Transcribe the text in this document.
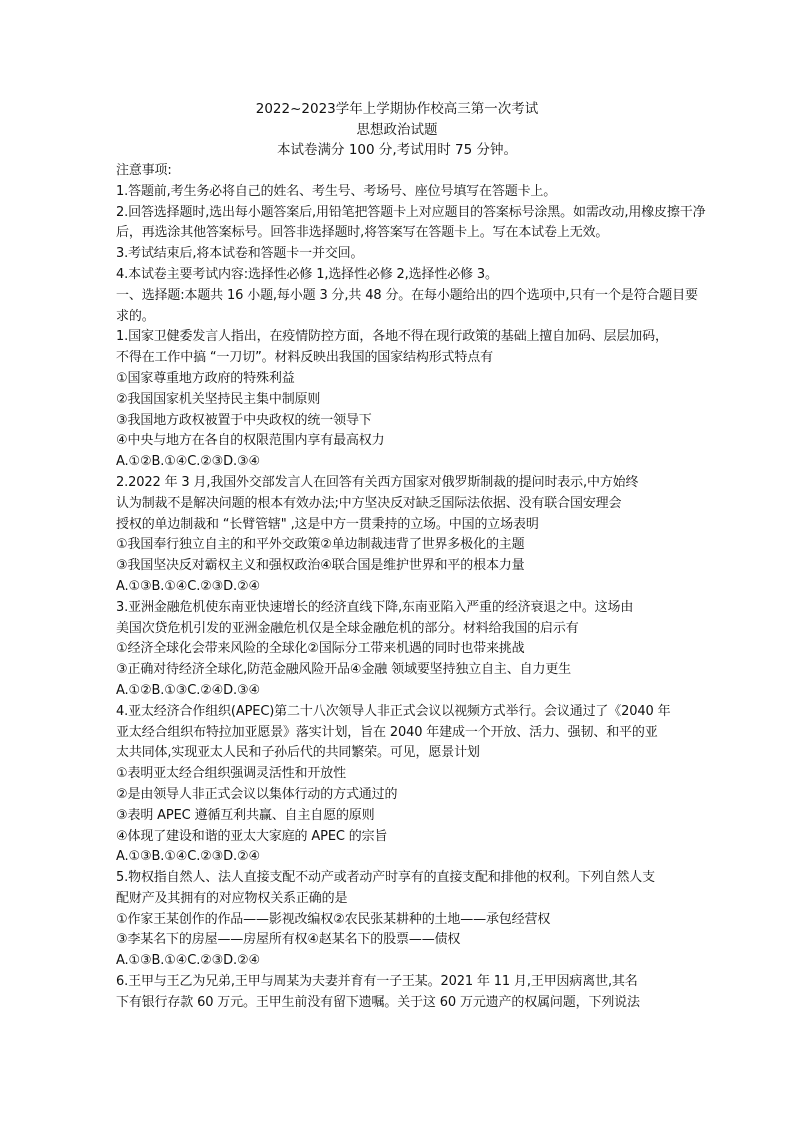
2022~2023学年上学期协作校高三第一次考试
思想政治试题
本试卷满分 100 分,考试用时 75 分钟。

注意事项:

1.答题前,考生务必将自己的姓名、考生号、考场号、座位号填写在答题卡上。

2.回答选择题时,选出每小题答案后,用铅笔把答题卡上对应题目的答案标号涂黑。如需改动,用橡皮擦干净后，再选涂其他答案标号。回答非选择题时,将答案写在答题卡上。写在本试卷上无效。

3.考试结束后,将本试卷和答题卡一并交回。

4.本试卷主要考试内容:选择性必修 1,选择性必修 2,选择性必修 3。

一、选择题:本题共 16 小题,每小题 3 分,共 48 分。在每小题给出的四个选项中,只有一个是符合题目要求的。

1.国家卫健委发言人指出，在疫情防控方面，各地不得在现行政策的基础上擅自加码、层层加码，

不得在工作中搞 “一刀切”。材料反映出我国的国家结构形式特点有

①国家尊重地方政府的特殊利益

②我国国家机关坚持民主集中制原则

③我国地方政权被置于中央政权的统一领导下

④中央与地方在各自的权限范围内享有最高权力

A.①②B.①④C.②③D.③④

2.2022 年 3 月,我国外交部发言人在回答有关西方国家对俄罗斯制裁的提问时表示,中方始终

认为制裁不是解决问题的根本有效办法;中方坚决反对缺乏国际法依据、没有联合国安理会

授权的单边制裁和 “长臂管辖" ,这是中方一贯秉持的立场。中国的立场表明

①我国奉行独立自主的和平外交政策②单边制裁违背了世界多极化的主题

③我国坚决反对霸权主义和强权政治④联合国是维护世界和平的根本力量

A.①③B.①④C.②③D.②④

3.亚洲金融危机使东南亚快速增长的经济直线下降,东南亚陷入严重的经济衰退之中。这场由

美国次贷危机引发的亚洲金融危机仅是全球金融危机的部分。材料给我国的启示有

①经济全球化会带来风险的全球化②国际分工带来机遇的同时也带来挑战

③正确对待经济全球化,防范金融风险开品④金融 领域要坚持独立自主、自力更生

A.①②B.①③C.②④D.③④

4.亚太经济合作组织(APEC)第二十八次领导人非正式会议以视频方式举行。会议通过了《2040 年

亚太经合组织布特拉加亚愿景》落实计划，旨在 2040 年建成一个开放、活力、强韧、和平的亚

太共同体,实现亚太人民和子孙后代的共同繁荣。可见，愿景计划

①表明亚太经合组织强调灵活性和开放性

②是由领导人非正式会议以集体行动的方式通过的

③表明 APEC 遵循互利共赢、自主自愿的原则

④体现了建设和谐的亚太大家庭的 APEC 的宗旨

A.①③B.①④C.②③D.②④

5.物权指自然人、法人直接支配不动产或者动产时享有的直接支配和排他的权利。下列自然人支

配财产及其拥有的对应物权关系正确的是

①作家王某创作的作品——影视改编权②农民张某耕种的土地——承包经营权

③李某名下的房屋——房屋所有权④赵某名下的股票——债权

A.①③B.①④C.②③D.②④

6.王甲与王乙为兄弟,王甲与周某为夫妻并育有一子王某。2021 年 11 月,王甲因病离世,其名

下有银行存款 60 万元。王甲生前没有留下遗嘱。关于这 60 万元遗产的权属问题，下列说法
